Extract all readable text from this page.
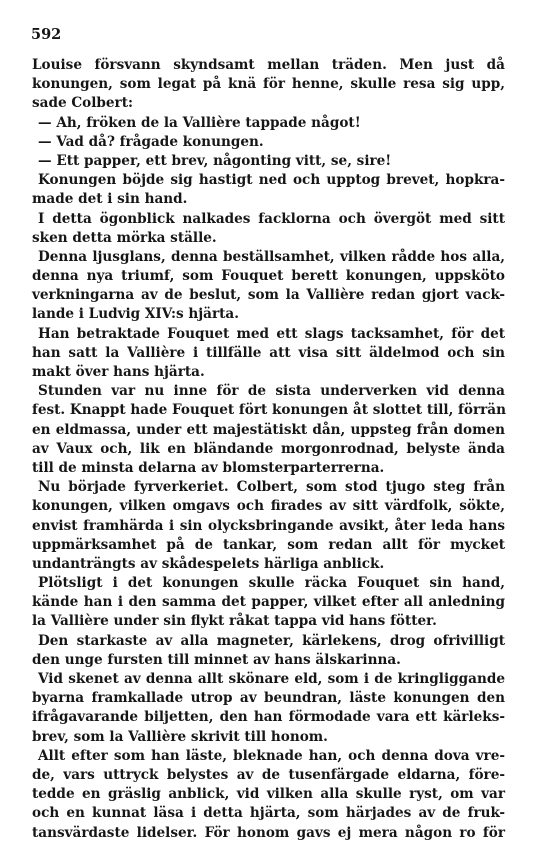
592
Louise försvann skyndsamt mellan träden. Men just då
konungen, som legat på knä för henne, skulle resa sig upp,
sade Colbert:
— Ah, fröken de la Vallière tappade något!
— Vad då? frågade konungen.
— Ett papper, ett brev, någonting vitt, se, sire!
Konungen böjde sig hastigt ned och upptog brevet, hopkra-
made det i sin hand.
I detta ögonblick nalkades facklorna och övergöt med sitt
sken detta mörka ställe.
Denna ljusglans, denna beställsamhet, vilken rådde hos alla,
denna nya triumf, som Fouquet berett konungen, uppsköto
verkningarna av de beslut, som la Vallière redan gjort vack-
lande i Ludvig XIV:s hjärta.
Han betraktade Fouquet med ett slags tacksamhet, för det
han satt la Vallière i tillfälle att visa sitt äldelmod och sin
makt över hans hjärta.
Stunden var nu inne för de sista underverken vid denna
fest. Knappt hade Fouquet fört konungen åt slottet till, förrän
en eldmassa, under ett majestätiskt dån, uppsteg från domen
av Vaux och, lik en bländande morgonrodnad, belyste ända
till de minsta delarna av blomsterparterrerna.
Nu började fyrverkeriet. Colbert, som stod tjugo steg från
konungen, vilken omgavs och firades av sitt värdfolk, sökte,
envist framhärda i sin olycksbringande avsikt, åter leda hans
uppmärksamhet på de tankar, som redan allt för mycket
undanträngts av skådespelets härliga anblick.
Plötsligt i det konungen skulle räcka Fouquet sin hand,
kände han i den samma det papper, vilket efter all anledning
la Vallière under sin flykt råkat tappa vid hans fötter.
Den starkaste av alla magneter, kärlekens, drog ofrivilligt
den unge fursten till minnet av hans älskarinna.
Vid skenet av denna allt skönare eld, som i de kringliggande
byarna framkallade utrop av beundran, läste konungen den
ifrågavarande biljetten, den han förmodade vara ett kärleks-
brev, som la Vallière skrivit till honom.
Allt efter som han läste, bleknade han, och denna dova vre-
de, vars uttryck belystes av de tusenfärgade eldarna, före-
tedde en gräslig anblick, vid vilken alla skulle ryst, om var
och en kunnat läsa i detta hjärta, som härjades av de fruk-
tansvärdaste lidelser. För honom gavs ej mera någon ro för
